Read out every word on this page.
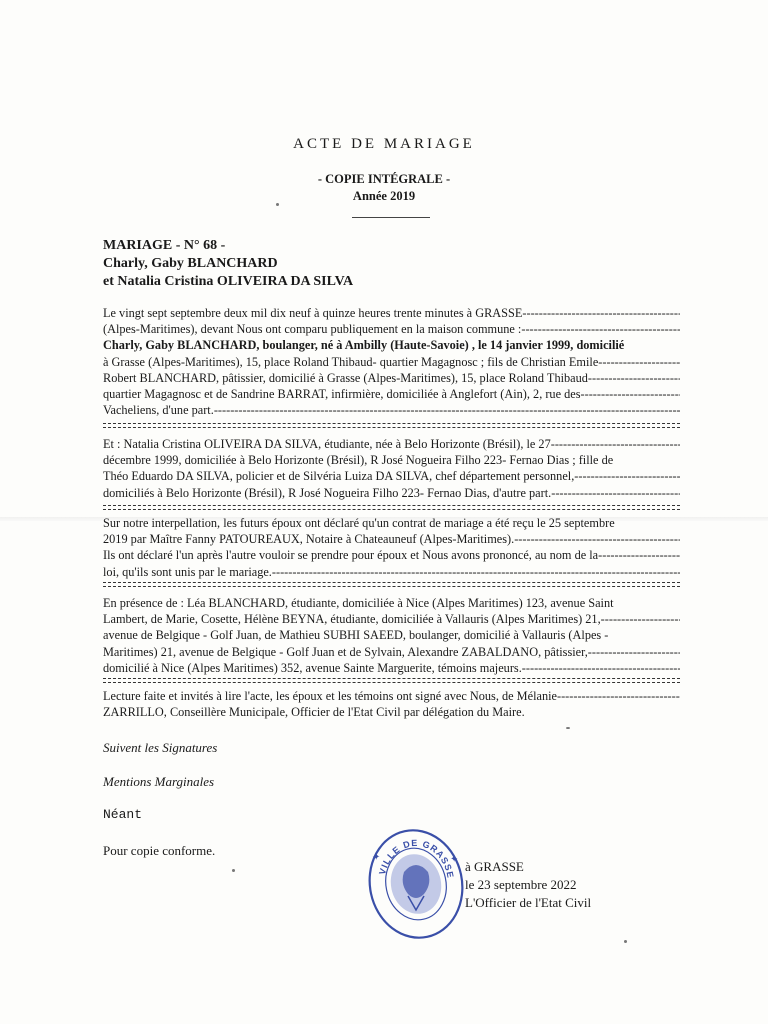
ACTE DE MARIAGE
- COPIE INTÉGRALE -
Année 2019
MARIAGE - N° 68 -
Charly, Gaby BLANCHARD
et Natalia Cristina OLIVEIRA DA SILVA
Le vingt sept septembre deux mil dix neuf à quinze heures trente minutes à GRASSE -----
(Alpes-Maritimes), devant Nous ont comparu publiquement en la maison commune : -----
Charly, Gaby BLANCHARD, boulanger, né à Ambilly (Haute-Savoie) , le 14 janvier 1999, domicilié
à Grasse (Alpes-Maritimes), 15, place Roland Thibaud- quartier Magagnosc ; fils de Christian Emile -----
Robert BLANCHARD, pâtissier, domicilié à Grasse (Alpes-Maritimes), 15, place Roland Thibaud- -----
quartier Magagnosc et de Sandrine BARRAT, infirmière, domiciliée à Anglefort (Ain), 2, rue des -----
Vacheliens, d'une part. -----
Et : Natalia Cristina OLIVEIRA DA SILVA, étudiante, née à Belo Horizonte (Brésil), le 27 -----
décembre 1999, domiciliée à Belo Horizonte (Brésil), R José Nogueira Filho 223- Fernao Dias ; fille de
Théo Eduardo DA SILVA, policier et de Silvéria Luiza DA SILVA, chef département personnel, -----
domiciliés à Belo Horizonte (Brésil), R José Nogueira Filho 223- Fernao Dias, d'autre part. -----
Sur notre interpellation, les futurs époux ont déclaré qu'un contrat de mariage a été reçu le 25 septembre
2019 par Maître Fanny PATOUREAUX, Notaire à Chateauneuf (Alpes-Maritimes). -----
Ils ont déclaré l'un après l'autre vouloir se prendre pour époux et Nous avons prononcé, au nom de la -----
loi, qu'ils sont unis par le mariage. -----
En présence de : Léa BLANCHARD, étudiante, domiciliée à Nice (Alpes Maritimes) 123, avenue Saint
Lambert, de Marie, Cosette, Hélène BEYNA, étudiante, domiciliée à Vallauris (Alpes Maritimes) 21, -----
avenue de Belgique - Golf Juan, de Mathieu SUBHI SAEED, boulanger, domicilié à Vallauris (Alpes -
Maritimes) 21, avenue de Belgique - Golf Juan et de Sylvain, Alexandre ZABALDANO, pâtissier, -----
domicilié à Nice (Alpes Maritimes) 352, avenue Sainte Marguerite, témoins majeurs. -----
Lecture faite et invités à lire l'acte, les époux et les témoins ont signé avec Nous, de Mélanie -----
ZARRILLO, Conseillère Municipale, Officier de l'Etat Civil par délégation du Maire.
Suivent les Signatures
Mentions Marginales
Néant
Pour copie conforme.
VILLE DE GRASSE
✦	✦ à GRASSE
le 23 septembre 2022
L'Officier de l'Etat Civil
